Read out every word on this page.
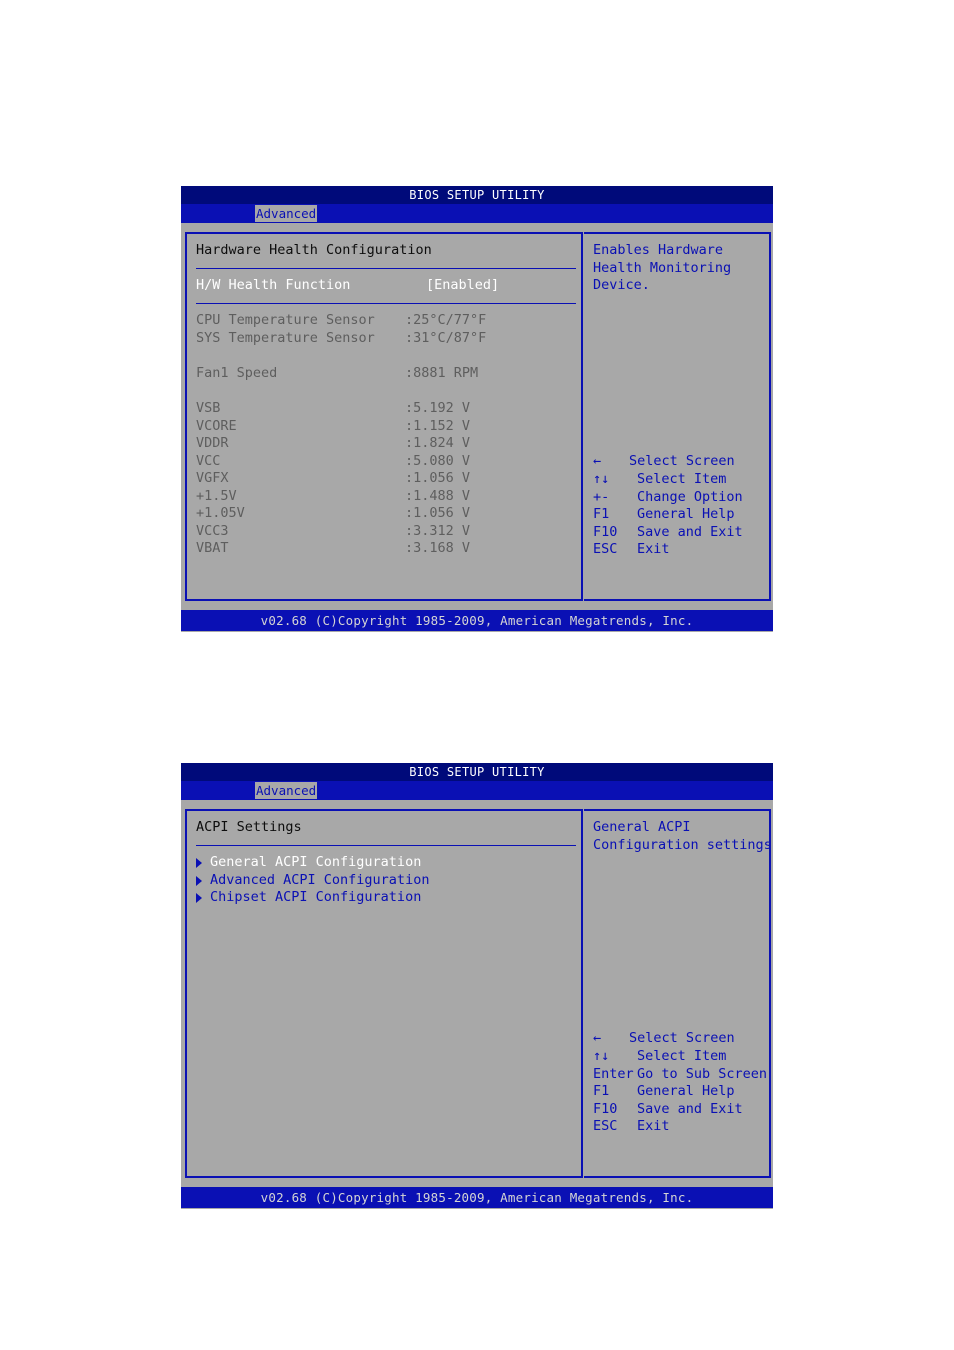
BIOS SETUP UTILITY
Advanced
Hardware Health Configuration
H/W Health Function	[Enabled]
CPU Temperature Sensor :25°C/77°F
SYS Temperature Sensor :31°C/87°F
Fan1 Speed	:8881 RPM
VSB	:5.192 V
VCORE	:1.152 V
VDDR	:1.824 V
VCC	:5.080 V
VGFX	:1.056 V
+1.5V	:1.488 V
+1.05V	:1.056 V
VCC3	:3.312 V
VBAT	:3.168 V
Enables Hardware
Health Monitoring
Device.
← Select Screen
↑↓ Select Item
+- Change Option
F1 General Help
F10 Save and Exit
ESC Exit
v02.68 (C)Copyright 1985-2009, American Megatrends, Inc.
BIOS SETUP UTILITY
Advanced
ACPI Settings
General ACPI Configuration
Advanced ACPI Configuration
Chipset ACPI Configuration
General ACPI
Configuration settings
← Select Screen
↑↓ Select Item
Enter Go to Sub Screen
F1 General Help
F10 Save and Exit
ESC Exit
v02.68 (C)Copyright 1985-2009, American Megatrends, Inc.
